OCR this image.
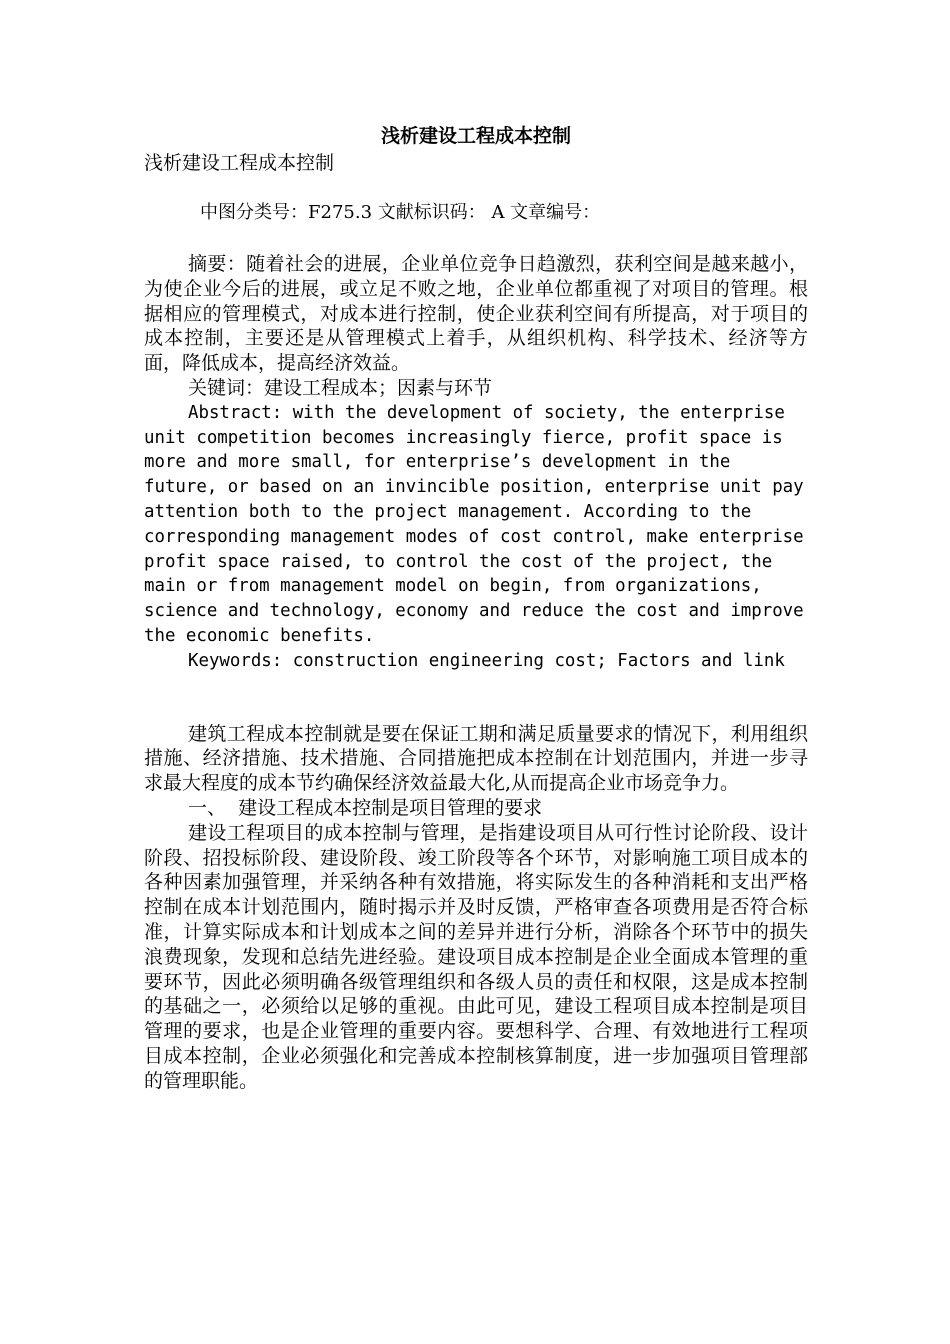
浅析建设工程成本控制

浅析建设工程成本控制

中图分类号：F275.3 文献标识码： A 文章编号：

摘要：随着社会的进展，企业单位竞争日趋激烈，获利空间是越来越小，为使企业今后的进展，或立足不败之地，企业单位都重视了对项目的管理。根据相应的管理模式，对成本进行控制，使企业获利空间有所提高，对于项目的成本控制，主要还是从管理模式上着手，从组织机构、科学技术、经济等方面，降低成本，提高经济效益。

关键词：建设工程成本；因素与环节

Abstract: with the development of society, the enterprise unit competition becomes increasingly fierce, profit space is more and more small, for enterprise’s development in the future, or based on an invincible position, enterprise unit pay attention both to the project management. According to the corresponding management modes of cost control, make enterprise profit space raised, to control the cost of the project, the main or from management model on begin, from organizations, science and technology, economy and reduce the cost and improve the economic benefits.

Keywords: construction engineering cost; Factors and link

建筑工程成本控制就是要在保证工期和满足质量要求的情况下，利用组织措施、经济措施、技术措施、合同措施把成本控制在计划范围内，并进一步寻求最大程度的成本节约确保经济效益最大化,从而提高企业市场竞争力。

一、  建设工程成本控制是项目管理的要求

建设工程项目的成本控制与管理，是指建设项目从可行性讨论阶段、设计阶段、招投标阶段、建设阶段、竣工阶段等各个环节，对影响施工项目成本的各种因素加强管理，并采纳各种有效措施，将实际发生的各种消耗和支出严格控制在成本计划范围内，随时揭示并及时反馈，严格审查各项费用是否符合标准，计算实际成本和计划成本之间的差异并进行分析，消除各个环节中的损失浪费现象，发现和总结先进经验。建设项目成本控制是企业全面成本管理的重要环节，因此必须明确各级管理组织和各级人员的责任和权限，这是成本控制的基础之一，必须给以足够的重视。由此可见，建设工程项目成本控制是项目管理的要求，也是企业管理的重要内容。要想科学、合理、有效地进行工程项目成本控制，企业必须强化和完善成本控制核算制度，进一步加强项目管理部的管理职能。
